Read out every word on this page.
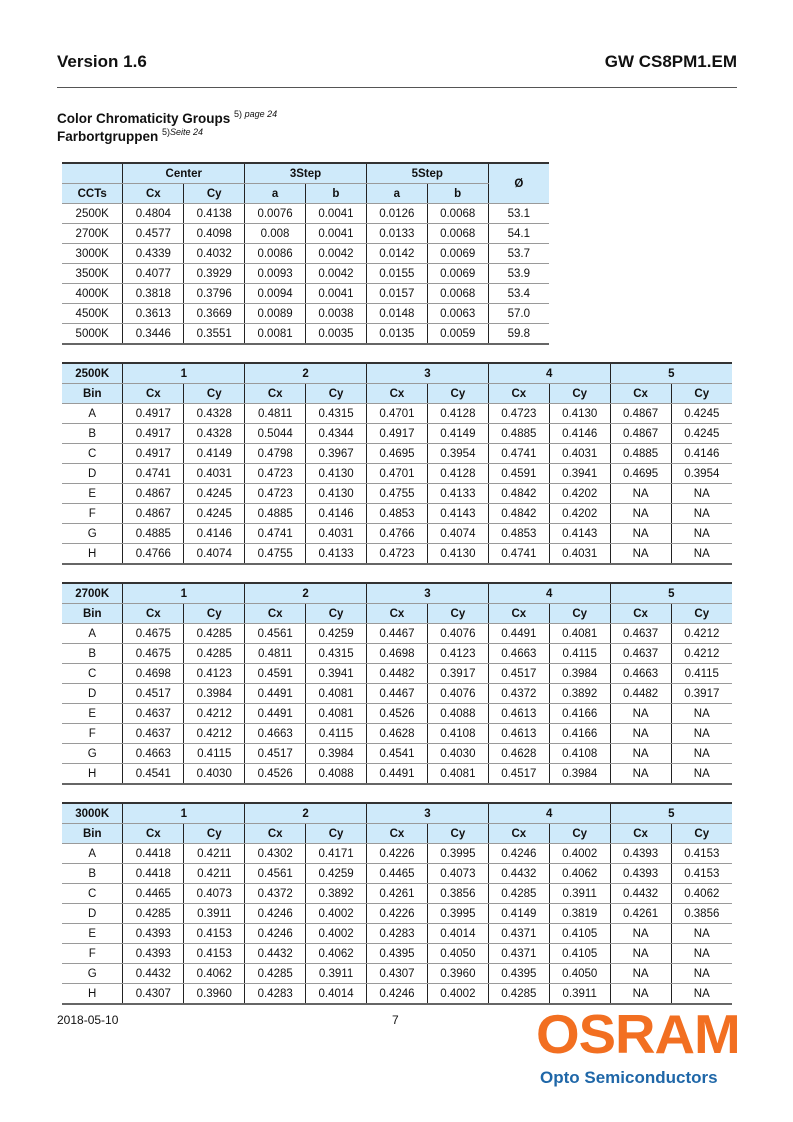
Version 1.6	GW CS8PM1.EM
Color Chromaticity Groups $^{5) page 24}$
Farbortgruppen $^{5)Seite 24}$
	Center		3Step		5Step		Ø
CCTs	Cx	Cy	a	b	a	b	
2500K	0.4804	0.4138	0.0076	0.0041	0.0126	0.0068	53.1
2700K	0.4577	0.4098	0.008	0.0041	0.0133	0.0068	54.1
3000K	0.4339	0.4032	0.0086	0.0042	0.0142	0.0069	53.7
3500K	0.4077	0.3929	0.0093	0.0042	0.0155	0.0069	53.9
4000K	0.3818	0.3796	0.0094	0.0041	0.0157	0.0068	53.4
4500K	0.3613	0.3669	0.0089	0.0038	0.0148	0.0063	57.0
5000K	0.3446	0.3551	0.0081	0.0035	0.0135	0.0059	59.8
2500K	1		2		3		4		5	
Bin	Cx	Cy	Cx	Cy	Cx	Cy	Cx	Cy	Cx	Cy
A	0.4917	0.4328	0.4811	0.4315	0.4701	0.4128	0.4723	0.4130	0.4867	0.4245
B	0.4917	0.4328	0.5044	0.4344	0.4917	0.4149	0.4885	0.4146	0.4867	0.4245
C	0.4917	0.4149	0.4798	0.3967	0.4695	0.3954	0.4741	0.4031	0.4885	0.4146
D	0.4741	0.4031	0.4723	0.4130	0.4701	0.4128	0.4591	0.3941	0.4695	0.3954
E	0.4867	0.4245	0.4723	0.4130	0.4755	0.4133	0.4842	0.4202	NA	NA
F	0.4867	0.4245	0.4885	0.4146	0.4853	0.4143	0.4842	0.4202	NA	NA
G	0.4885	0.4146	0.4741	0.4031	0.4766	0.4074	0.4853	0.4143	NA	NA
H	0.4766	0.4074	0.4755	0.4133	0.4723	0.4130	0.4741	0.4031	NA	NA
2700K	1		2		3		4		5	
Bin	Cx	Cy	Cx	Cy	Cx	Cy	Cx	Cy	Cx	Cy
A	0.4675	0.4285	0.4561	0.4259	0.4467	0.4076	0.4491	0.4081	0.4637	0.4212
B	0.4675	0.4285	0.4811	0.4315	0.4698	0.4123	0.4663	0.4115	0.4637	0.4212
C	0.4698	0.4123	0.4591	0.3941	0.4482	0.3917	0.4517	0.3984	0.4663	0.4115
D	0.4517	0.3984	0.4491	0.4081	0.4467	0.4076	0.4372	0.3892	0.4482	0.3917
E	0.4637	0.4212	0.4491	0.4081	0.4526	0.4088	0.4613	0.4166	NA	NA
F	0.4637	0.4212	0.4663	0.4115	0.4628	0.4108	0.4613	0.4166	NA	NA
G	0.4663	0.4115	0.4517	0.3984	0.4541	0.4030	0.4628	0.4108	NA	NA
H	0.4541	0.4030	0.4526	0.4088	0.4491	0.4081	0.4517	0.3984	NA	NA
3000K	1		2		3		4		5	
Bin	Cx	Cy	Cx	Cy	Cx	Cy	Cx	Cy	Cx	Cy
A	0.4418	0.4211	0.4302	0.4171	0.4226	0.3995	0.4246	0.4002	0.4393	0.4153
B	0.4418	0.4211	0.4561	0.4259	0.4465	0.4073	0.4432	0.4062	0.4393	0.4153
C	0.4465	0.4073	0.4372	0.3892	0.4261	0.3856	0.4285	0.3911	0.4432	0.4062
D	0.4285	0.3911	0.4246	0.4002	0.4226	0.3995	0.4149	0.3819	0.4261	0.3856
E	0.4393	0.4153	0.4246	0.4002	0.4283	0.4014	0.4371	0.4105	NA	NA
F	0.4393	0.4153	0.4432	0.4062	0.4395	0.4050	0.4371	0.4105	NA	NA
G	0.4432	0.4062	0.4285	0.3911	0.4307	0.3960	0.4395	0.4050	NA	NA
H	0.4307	0.3960	0.4283	0.4014	0.4246	0.4002	0.4285	0.3911	NA	NA
2018-05-10	7 OSRAM
Opto Semiconductors
